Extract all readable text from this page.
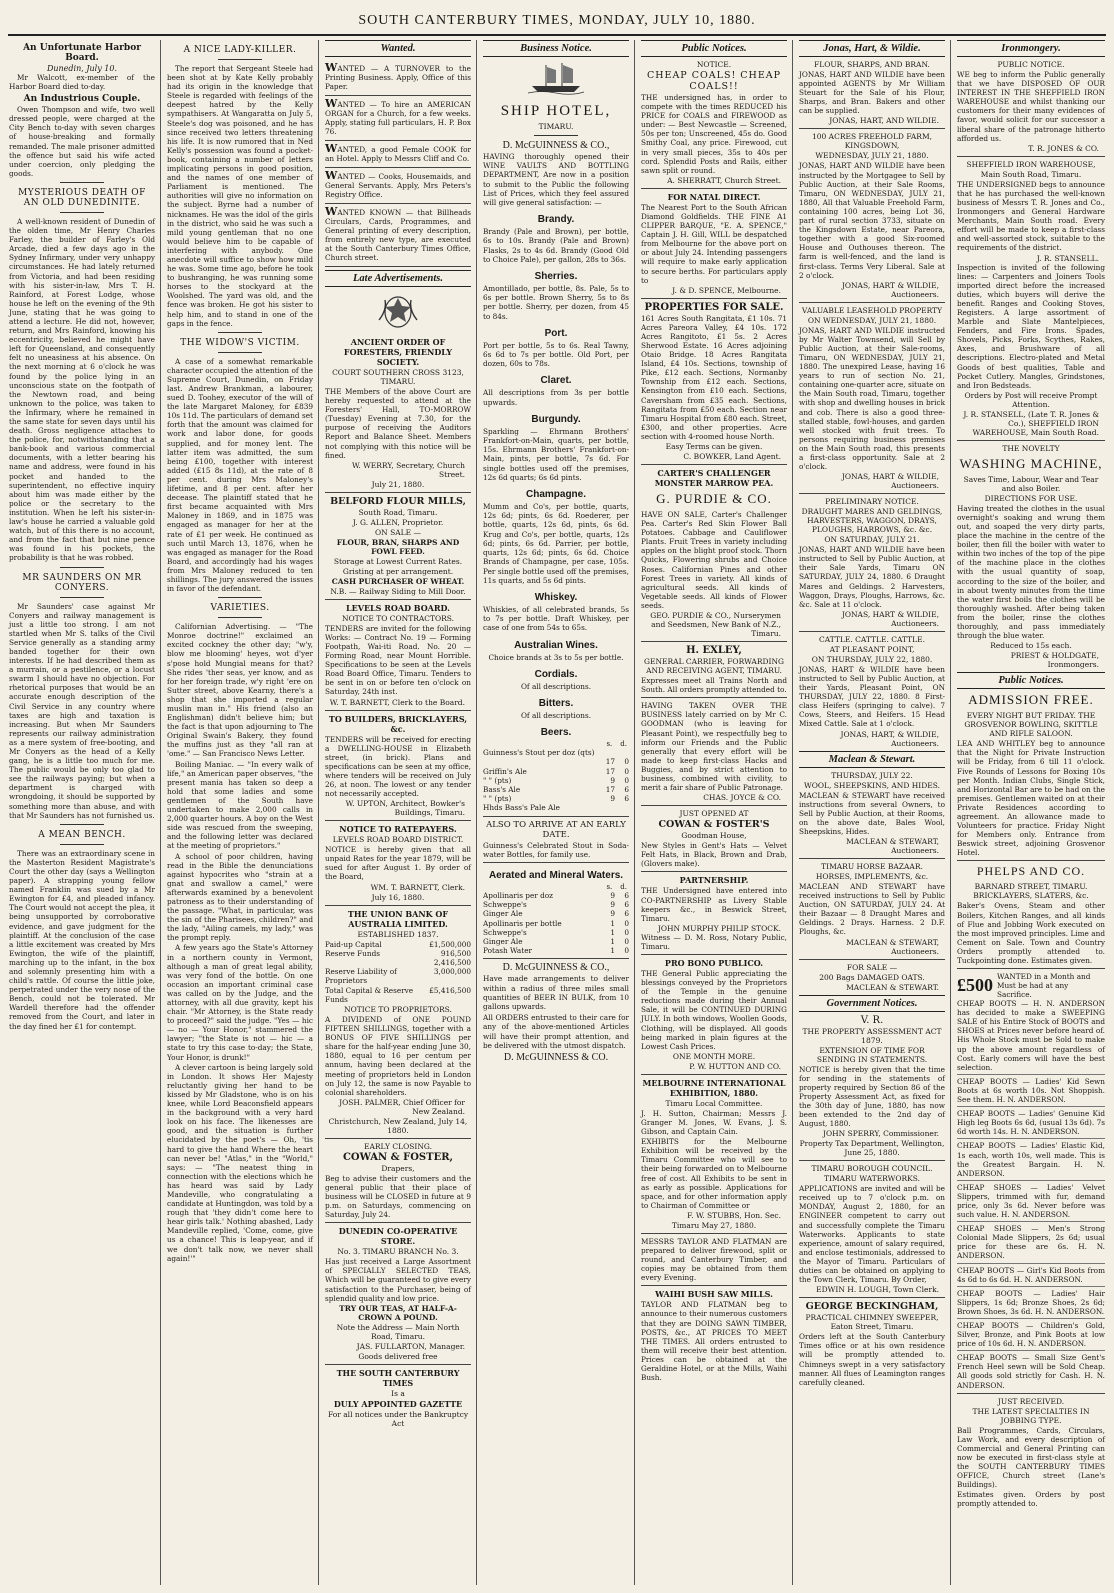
SOUTH CANTERBURY TIMES, MONDAY, JULY 10, 1880.
An Unfortunate Harbor Board.
Dunedin, July 10.

Mr Walcott, ex-member of the Harbor Board died to-day.

An Industrious Couple.

Owen Thompson and wife, two well dressed people, were charged at the City Bench to-day with seven charges of house-breaking and formally remanded. The male prisoner admitted the offence but said his wife acted under coercion, only pledging the goods.

MYSTERIOUS DEATH OF AN OLD DUNEDINITE.

A well-known resident of Dunedin of the olden time, Mr Henry Charles Farley, the builder of Farley's Old Arcade, died a few days ago in the Sydney Infirmary, under very unhappy circumstances. He had lately returned from Victoria, and had been residing with his sister-in-law, Mrs T. H. Rainford, at Forest Lodge, whose house he left on the evening of the 9th June, stating that he was going to attend a lecture. He did not, however, return, and Mrs Rainford, knowing his eccentricity, believed he might have left for Queensland, and consequently felt no uneasiness at his absence. On the next morning at 6 o'clock he was found by the police lying in an unconscious state on the footpath of the Newtown road, and being unknown to the police, was taken to the Infirmary, where he remained in the same state for seven days until his death. Gross negligence attaches to the police, for, notwithstanding that a bank-book and various commercial documents, with a letter bearing his name and address, were found in his pocket and handed to the superintendent, no effective inquiry about him was made either by the police or the secretary to the institution. When he left his sister-in-law's house he carried a valuable gold watch, but of this there is no account, and from the fact that but nine pence was found in his pockets, the probability is that he was robbed.

MR SAUNDERS ON MR CONYERS.

Mr Saunders' case against Mr Conyers and railway management is just a little too strong. I am not startled when Mr S. talks of the Civil Service generally as a standing army banded together for their own interests. If he had described them as a murrain, or a pestilence, or a locust swarm I should have no objection. For rhetorical purposes that would be an accurate enough description of the Civil Service in any country where taxes are high and taxation is increasing. But when Mr Saunders represents our railway administration as a mere system of free-booting, and Mr Conyers as the head of a Kelly gang, he is a little too much for me. The public would be only too glad to see the railways paying; but when a department is charged with wrongdoing, it should be supported by something more than abuse, and with that Mr Saunders has not furnished us.

A MEAN BENCH.

There was an extraordinary scene in the Masterton Resident Magistrate's Court the other day (says a Wellington paper). A strapping young fellow named Franklin was sued by a Mr Ewington for £4, and pleaded infancy. The Court would not accept the plea, it being unsupported by corroborative evidence, and gave judgment for the plaintiff. At the conclusion of the case a little excitement was created by Mrs Ewington, the wife of the plaintiff, marching up to the infant, in the box and solemnly presenting him with a child's rattle. Of course the little joke, perpetrated under the very nose of the Bench, could not be tolerated. Mr Wardell therefore had the offender removed from the Court, and later in the day fined her £1 for contempt.

A NICE LADY-KILLER.

The report that Sergeant Steele had been shot at by Kate Kelly probably had its origin in the knowledge that Steele is regarded with feelings of the deepest hatred by the Kelly sympathisers. At Wangaratta on July 5, Steele's dog was poisoned, and he has since received two letters threatening his life. It is now rumored that in Ned Kelly's possession was found a pocket-book, containing a number of letters implicating persons in good position, and the names of one member of Parliament is mentioned. The authorities will give no information on the subject. Byrne had a number of nicknames. He was the idol of the girls in the district, who said he was such a mild young gentleman that no one would believe him to be capable of interfering with anybody. One anecdote will suffice to show how mild he was. Some time ago, before he took to bushranging, he was running some horses to the stockyard at the Woolshed. The yard was old, and the fence was broken. He got his sister to help him, and to stand in one of the gaps in the fence.

THE WIDOW'S VICTIM.

A case of a somewhat remarkable character occupied the attention of the Supreme Court, Dunedin, on Friday last. Andrew Brankman, a labourer, sued D. Toohey, executor of the will of the late Margaret Maloney, for £839 10s 11d. The particulars of demand set forth that the amount was claimed for work and labor done, for goods supplied, and for money lent. The latter item was admitted, the sum being £100, together with interest added (£15 8s 11d), at the rate of 8 per cent. during Mrs Maloney's lifetime, and 8 per cent. after her decease. The plaintiff stated that he first became acquainted with Mrs Maloney in 1869, and in 1875 was engaged as manager for her at the rate of £1 per week. He continued as such until March 13, 1876, when he was engaged as manager for the Road Board, and accordingly had his wages from Mrs Maloney reduced to ten shillings. The jury answered the issues in favor of the defendant.

VARIETIES.

Californian Advertising. — "The Monroe doctrine!" exclaimed an excited cockney the other day; "w'y, blow me blooming' heyes, wot d'yer s'pose hold Mungial means for that? She rides 'ther seas, yer know, and as for her foreign trade, w'y right 'ere on Sutter street, above Kearny, there's a shop that she imported a regular muslin man in." His friend (also an Englishman) didn't believe him; but the fact is that upon adjourning to The Original Swain's Bakery, they found the muffins just as they "all ran at 'ome." — San Francisco News Letter.

Boiling Maniac. — "In every walk of life," an American paper observes, "the present mania has taken so deep a hold that some ladies and some gentlemen of the South have undertaken to make 2,000 calls in 2,000 quarter hours. A boy on the West side was rescued from the sweeping, and the following letter was declared at the meeting of proprietors."

A school of poor children, having read in the Bible the denunciations against hypocrites who "strain at a gnat and swallow a camel," were afterwards examined by a benevolent patroness as to their understanding of the passage. "What, in particular, was the sin of the Pharisees, children?" and the lady, "Ailing camels, my lady," was the prompt reply.

A few years ago the State's Attorney in a northern county in Vermont, although a man of great legal ability, was very fond of the bottle. On one occasion an important criminal case was called on by the Judge, and the attorney, with all due gravity, kept his chair. "Mr Attorney, is the State ready to proceed?" said the judge. "Yes — hic — no — Your Honor," stammered the lawyer; "the State is not — hic — a state to try this case to-day; the State, Your Honor, is drunk!"

A clever cartoon is being largely sold in London. It shows Her Majesty reluctantly giving her hand to be kissed by Mr Gladstone, who is on his knee, while Lord Beaconsfield appears in the background with a very hard look on his face. The likenesses are good, and the situation is further elucidated by the poet's — Oh, 'tis hard to give the hand Where the heart can never be! "Atlas," in the "World," says: — "The neatest thing in connection with the elections which he has heard was said by Lady Mandeville, who congratulating a candidate at Huntingdon, was told by a rough that 'they didn't come here to hear girls talk.' Nothing abashed, Lady Mandeville replied, 'Come, come, give us a chance! This is leap-year, and if we don't talk now, we never shall again!'"

Wanted.

WANTED — A TURNOVER to the Printing Business. Apply, Office of this Paper.

WANTED — To hire an AMERICAN ORGAN for a Church, for a few weeks. Apply, stating full particulars, H. P. Box 76.

WANTED, a good Female COOK for an Hotel. Apply to Messrs Cliff and Co.

WANTED — Cooks, Housemaids, and General Servants. Apply, Mrs Peters's Registry Office.

WANTED KNOWN — that Billheads Circulars, Cards, Programmes, and General printing of every description, from entirely new type, are executed at the South Canterbury Times Office, Church street.

Late Advertisements.
ANCIENT ORDER OF FORESTERS, FRIENDLY SOCIETY.
COURT SOUTHERN CROSS 3123, TIMARU.

THE Members of the above Court are hereby requested to attend at the Foresters' Hall, TO-MORROW (Tuesday) Evening at 7.30, for the purpose of receiving the Auditors Report and Balance Sheet. Members not complying with this notice will be fined.

W. WERRY, Secretary, Church Street.
July 21, 1880.
BELFORD FLOUR MILLS,
South Road, Timaru.
J. G. ALLEN, Proprietor.
ON SALE —
FLOUR, BRAN, SHARPS AND FOWL FEED.
Storage at Lowest Current Rates.
Gristing at per arrangement.
CASH PURCHASER OF WHEAT.
N.B. — Railway Siding to Mill Door.
LEVELS ROAD BOARD.
NOTICE TO CONTRACTORS.

TENDERS are invited for the following Works: — Contract No. 19 — Forming Footpath, Wai-iti Road. No. 20 — Forming Road, near Mount Horrible. Specifications to be seen at the Levels Road Board Office, Timaru. Tenders to be sent in on or before ten o'clock on Saturday, 24th inst.

W. T. BARNETT, Clerk to the Board.
TO BUILDERS, BRICKLAYERS, &c.

TENDERS will be received for erecting a DWELLING-HOUSE in Elizabeth street, (in brick). Plans and specifications can be seen at my office, where tenders will be received on July 26, at noon. The lowest or any tender not necessarily accepted.

W. UPTON, Architect, Bowker's Buildings, Timaru.
NOTICE TO RATEPAYERS.
LEVELS ROAD BOARD DISTRICT.

NOTICE is hereby given that all unpaid Rates for the year 1879, will be sued for after August 1. By order of the Board,

WM. T. BARNETT, Clerk.
July 16, 1880.
THE UNION BANK OF AUSTRALIA LIMITED.
ESTABLISHED 1837.
Paid-up Capital	£1,500,000
Reserve Funds	916,500
2,416,500
Reserve Liability of Proprietors
3,000,000
Total Capital & Reserve Funds
£5,416,500
NOTICE TO PROPRIETORS.

A DIVIDEND of ONE POUND FIFTEEN SHILLINGS, together with a BONUS OF FIVE SHILLINGS per share for the half-year ending June 30, 1880, equal to 16 per centum per annum, having been declared at the meeting of proprietors held in London on July 12, the same is now Payable to colonial shareholders.

JOSH. PALMER, Chief Officer for New Zealand.
Christchurch, New Zealand, July 14, 1880.
EARLY CLOSING.
COWAN & FOSTER,
Drapers,

Beg to advise their customers and the general public that their place of business will be CLOSED in future at 9 p.m. on Saturdays, commencing on Saturday, July 24.

DUNEDIN CO-OPERATIVE STORE.
No. 3. TIMARU BRANCH No. 3.

Has just received a Large Assortment of SPECIALLY SELECTED TEAS, Which will be guaranteed to give every satisfaction to the Purchaser, being of splendid quality and low price.

TRY OUR TEAS, AT HALF-A-CROWN A POUND.
Note the Address — Main North Road, Timaru.
JAS. FULLARTON, Manager.
Goods delivered free
THE SOUTH CANTERBURY TIMES
Is a
DULY APPOINTED GAZETTE
For all notices under the Bankruptcy Act
Business Notice.
SHIP HOTEL,
TIMARU.
D. McGUINNESS & CO.,

HAVING thoroughly opened their WINE VAULTS AND BOTTLING DEPARTMENT, Are now in a position to submit to the Public the following List of Prices, which they feel assured will give general satisfaction: —

Brandy.

Brandy (Pale and Brown), per bottle, 6s to 10s. Brandy (Pale and Brown) Flasks, 2s to 4s 6d. Brandy (Good Old to Choice Pale), per gallon, 28s to 36s.

Sherries.

Amontillado, per bottle, 8s. Pale, 5s to 6s per bottle. Brown Sherry, 5s to 8s per bottle. Sherry, per dozen, from 45 to 84s.

Port.

Port per bottle, 5s to 6s. Real Tawny, 6s 6d to 7s per bottle. Old Port, per dozen, 60s to 78s.

Claret.

All descriptions from 3s per bottle upwards.

Burgundy.

Sparkling — Ehrmann Brothers' Frankfort-on-Main, quarts, per bottle, 15s. Ehrmann Brothers' Frankfort-on-Main, pints, per bottle, 7s 6d. For single bottles used off the premises, 12s 6d quarts; 6s 6d pints.

Champagne.

Mumm and Co's, per bottle, quarts, 12s 6d; pints, 6s 6d. Roederer, per bottle, quarts, 12s 6d, pints, 6s 6d. Krug and Co's, per bottle, quarts, 12s 6d; pints, 6s 6d. Parrier, per bottle, quarts, 12s 6d; pints, 6s 6d. Choice Brands of Champagne, per case, 105s. Per single bottle used off the premises, 11s quarts, and 5s 6d pints.

Whiskey.

Whiskies, of all celebrated brands, 5s to 7s per bottle. Draft Whiskey, per case of one from 54s to 65s.

Australian Wines.

Choice brands at 3s to 5s per bottle.

Cordials.

Of all descriptions.

Bitters.

Of all descriptions.

Beers.
s. d.
Guinness's Stout per doz (qts)
17	0
Griffin's Ale	17	0
" " (pts)	9	0
Bass's Ale	17	6
" " (pts)	9	6
Hhds Bass's Pale Ale
ALSO TO ARRIVE AT AN EARLY DATE.

Guinness's Celebrated Stout in Soda-water Bottles, for family use.

Aerated and Mineral Waters.
s. d.
Apollinaris per doz	9	6
Schweppe's	9	6
Ginger Ale	9	6
Apollinaris per bottle	1	0
Schweppe's	1	0
Ginger Ale	1	0
Potash Water	1	0
D. McGUINNESS & CO.,

Have made arrangements to deliver within a radius of three miles small quantities of BEER IN BULK, from 10 gallons upwards.

All ORDERS entrusted to their care for any of the above-mentioned Articles will have their prompt attention, and be delivered with the utmost dispatch.

D. McGUINNESS & CO.
Public Notices.
NOTICE.
CHEAP COALS! CHEAP COALS!!

THE undersigned has, in order to compete with the times REDUCED his PRICE for COALS and FIREWOOD as under: — Best Newcastle — Screened, 50s per ton; Unscreened, 45s do. Good Smithy Coal, any price. Firewood, cut in very small pieces, 35s to 40s per cord. Splendid Posts and Rails, either sawn split or round.

A. SHERRATT, Church Street.
FOR NATAL DIRECT.

The Nearest Port to the South African Diamond Goldfields. THE FINE A1 CLIPPER BARQUE, "E. A. SPENCE," Captain J. H. Gill, WILL be despatched from Melbourne for the above port on or about July 24. Intending passengers will require to make early application to secure berths. For particulars apply to

J. & D. SPENCE, Melbourne.
PROPERTIES FOR SALE.

161 Acres South Rangitata, £1 10s. 71 Acres Pareora Valley, £4 10s. 172 Acres Rangitoto, £1 5s. 2 Acres Sherwood Estate. 16 Acres adjoining Otaio Bridge. 18 Acres Rangitata Island, £4 10s. Sections, township of Pike, £12 each. Sections, Normanby Township from £12 each. Sections, Kensington from £10 each. Sections, Caversham from £35 each. Sections, Rangitata from £50 each. Section near Timaru Hospital from £80 each. Street, £300, and other properties. Acre section with 4-roomed house North.

Easy Terms can be given.
C. BOWKER, Land Agent.
CARTER'S CHALLENGER MONSTER MARROW PEA.
G. PURDIE & CO.

HAVE ON SALE, Carter's Challenger Pea. Carter's Red Skin Flower Ball Potatoes. Cabbage and Cauliflower Plants. Fruit Trees in variety including apples on the blight proof stock. Thorn Quicks, Flowering shrubs and Choice Roses. Californian Pines and other Forest Trees in variety. All kinds of agricultural seeds. All kinds of Vegetable seeds. All kinds of Flower seeds.

GEO. PURDIE & CO., Nurserymen and Seedsmen, New Bank of N.Z., Timaru.
H. EXLEY,
GENERAL CARRIER, FORWARDING AND RECEIVING AGENT, TIMARU.

Expresses meet all Trains North and South. All orders promptly attended to.

HAVING TAKEN OVER THE BUSINESS lately carried on by Mr C. GOODMAN (who is leaving for Pleasant Point), we respectfully beg to inform our Friends and the Public generally that every effort will be made to keep first-class Hacks and Buggies, and by strict attention to business, combined with civility, to merit a fair share of Public Patronage.

CHAS. JOYCE & CO.
JUST OPENED AT
COWAN & FOSTER'S
Goodman House,

New Styles in Gent's Hats — Velvet Felt Hats, in Black, Brown and Drab, (Glovers make).

PARTNERSHIP.

THE Undersigned have entered into CO-PARTNERSHIP as Livery Stable keepers &c., in Beswick Street, Timaru.

JOHN MURPHY PHILIP STOCK.

Witness — D. M. Ross, Notary Public, Timaru.

PRO BONO PUBLICO.

THE General Public appreciating the blessings conveyed by the Proprietors of the Temple in the genuine reductions made during their Annual Sale, it will be CONTINUED DURING JULY. In both windows, Woollen Goods, Clothing, will be displayed. All goods being marked in plain figures at the Lowest Cash Prices.

ONE MONTH MORE.
P. W. HUTTON AND CO.
MELBOURNE INTERNATIONAL EXHIBITION, 1880.
Timaru Local Committee.

J. H. Sutton, Chairman; Messrs J. Granger M. Jones, W. Evans, J. S. Gibson, and Captain Cain.

EXHIBITS for the Melbourne Exhibition will be received by the Timaru Committee who will see to their being forwarded on to Melbourne free of cost. All Exhibits to be sent in as early as possible. Applications for space, and for other information apply to Chairman of Committee or

F. W. STUBBS, Hon. Sec.
Timaru May 27, 1880.

MESSRS TAYLOR AND FLATMAN are prepared to deliver firewood, split or round, and Canterbury Timber, and copies may be obtained from them every Evening.

WAIHI BUSH SAW MILLS.

TAYLOR AND FLATMAN beg to announce to their numerous customers that they are DOING SAWN TIMBER, POSTS, &c., AT PRICES TO MEET THE TIMES. All orders entrusted to them will receive their best attention. Prices can be obtained at the Geraldine Hotel, or at the Mills, Waihi Bush.

Jonas, Hart, & Wildie.
FLOUR, SHARPS, AND BRAN.

JONAS, HART AND WILDIE have been appointed AGENTS by Mr William Steuart for the Sale of his Flour, Sharps, and Bran. Bakers and other can be supplied.

JONAS, HART, AND WILDIE.
100 ACRES FREEHOLD FARM, KINGSDOWN,
WEDNESDAY, JULY 21, 1880.

JONAS, HART AND WILDIE have been instructed by the Mortgagee to Sell by Public Auction, at their Sale Rooms, Timaru, ON WEDNESDAY, JULY 21, 1880, All that Valuable Freehold Farm, containing 100 acres, being Lot 36, part of rural section 3733, situate on the Kingsdown Estate, near Pareora, together with a good Six-roomed House and Outhouses thereon. The farm is well-fenced, and the land is first-class. Terms Very Liberal. Sale at 2 o'clock.

JONAS, HART & WILDIE, Auctioneers.
VALUABLE LEASEHOLD PROPERTY
ON WEDNESDAY, JULY 21, 1880.

JONAS, HART AND WILDIE instructed by Mr Walter Townsend, will Sell by Public Auction, at their Sale-rooms, Timaru, ON WEDNESDAY, JULY 21, 1880. The unexpired Lease, having 16 years to run of section No. 21, containing one-quarter acre, situate on the Main South road, Timaru, together with shop and dwelling houses in brick and cob. There is also a good three-stalled stable, fowl-houses, and garden well stocked with fruit trees. To persons requiring business premises on the Main South road, this presents a first-class opportunity. Sale at 2 o'clock.

JONAS, HART & WILDIE, Auctioneers.
PRELIMINARY NOTICE.
DRAUGHT MARES AND GELDINGS, HARVESTERS, WAGGON, DRAYS, PLOUGHS, HARROWS, &c. &c.
ON SATURDAY, JULY 21.

JONAS, HART AND WILDIE have been instructed to Sell by Public Auction, at their Sale Yards, Timaru ON SATURDAY, JULY 24, 1880. 6 Draught Mares and Geldings. 2 Harvesters, Waggon, Drays, Ploughs, Harrows, &c. &c. Sale at 11 o'clock.

JONAS, HART & WILDIE, Auctioneers.
CATTLE. CATTLE. CATTLE.
AT PLEASANT POINT,
ON THURSDAY, JULY 22, 1880.

JONAS, HART & WILDIE have been instructed to Sell by Public Auction, at their Yards, Pleasant Point, ON THURSDAY, JULY 22, 1880. 8 First-class Heifers (springing to calve). 7 Cows, Steers, and Heifers. 15 Head Mixed Cattle. Sale at 1 o'clock.

JONAS, HART, & WILDIE, Auctioneers.
Maclean & Stewart.
THURSDAY, JULY 22.
WOOL, SHEEPSKINS, AND HIDES.

MACLEAN & STEWART have received instructions from several Owners, to Sell by Public Auction, at their Rooms, on the above date, Bales Wool, Sheepskins, Hides.

MACLEAN & STEWART, Auctioneers.
TIMARU HORSE BAZAAR.
HORSES, IMPLEMENTS, &c.

MACLEAN AND STEWART have received instructions to Sell by Public Auction, ON SATURDAY, JULY 24. At their Bazaar — 8 Draught Mares and Geldings. 2 Drays. Harness. 2 D.F. Ploughs, &c.

MACLEAN & STEWART, Auctioneers.
FOR SALE —
200 Bags DAMAGED OATS.
MACLEAN & STEWART.
Government Notices.
V. R.
THE PROPERTY ASSESSMENT ACT 1879.
EXTENSION OF TIME FOR SENDING IN STATEMENTS.

NOTICE is hereby given that the time for sending in the statements of property required by Section 86 of the Property Assessment Act, as fixed for the 30th day of June, 1880, has now been extended to the 2nd day of August, 1880.

JOHN SPERRY, Commissioner.
Property Tax Department, Wellington, June 25, 1880.
TIMARU BOROUGH COUNCIL.
TIMARU WATERWORKS.

APPLICATIONS are invited and will be received up to 7 o'clock p.m. on MONDAY, August 2, 1880, for an ENGINEER competent to carry out and successfully complete the Timaru Waterworks. Applicants to state experience, amount of salary required, and enclose testimonials, addressed to the Mayor of Timaru. Particulars of duties can be obtained on applying to the Town Clerk, Timaru. By Order,

EDWIN H. LOUGH, Town Clerk.
GEORGE BECKINGHAM,
PRACTICAL CHIMNEY SWEEPER, Eaton Street, Timaru.

Orders left at the South Canterbury Times office or at his own residence will be promptly attended to. Chimneys swept in a very satisfactory manner. All flues of Leamington ranges carefully cleaned.

Ironmongery.
PUBLIC NOTICE.

WE beg to inform the Public generally that we have DISPOSED OF OUR INTEREST IN THE SHEFFIELD IRON WAREHOUSE and whilst thanking our customers for their many evidences of favor, would solicit for our successor a liberal share of the patronage hitherto afforded us.

T. R. JONES & CO.
SHEFFIELD IRON WAREHOUSE,
Main South Road, Timaru.

THE UNDERSIGNED begs to announce that he has purchased the well-known business of Messrs T. R. Jones and Co., Ironmongers and General Hardware Merchants, Main South road. Every effort will be made to keep a first-class and well-assorted stock, suitable to the requirements of the district.

J. R. STANSELL.

Inspection is invited of the following lines: — Carpenters and Joiners Tools imported direct before the increased duties, which buyers will derive the benefit. Ranges and Cooking Stoves, Registers. A large assortment of Marble and Slate Mantelpieces, Fenders, and Fire Irons. Spades, Shovels, Picks, Forks, Scythes, Rakes, Axes, and Brushware of all descriptions. Electro-plated and Metal Goods of best qualities, Table and Pocket Cutlery. Mangles, Grindstones, and Iron Bedsteads.

Orders by Post will receive Prompt Attention.
J. R. STANSELL, (Late T. R. Jones & Co.), SHEFFIELD IRON WAREHOUSE, Main South Road.
THE NOVELTY
WASHING MACHINE,
Saves Time, Labour, Wear and Tear and also Boiler.
DIRECTIONS FOR USE.

Having treated the clothes in the usual overnight's soaking and wrung them out, and soaped the very dirty parts, place the machine in the centre of the boiler, then fill the boiler with water to within two inches of the top of the pipe of the machine place in the clothes with the usual quantity of soap, according to the size of the boiler, and in about twenty minutes from the time the water first boils the clothes will be thoroughly washed. After being taken from the boiler, rinse the clothes thoroughly, and pass immediately through the blue water.

Reduced to 15s each.
PRIEST & HOLDGATE, Ironmongers.
Public Notices.
ADMISSION FREE.
EVERY NIGHT BUT FRIDAY. THE GROSVENOR BOWLING, SKITTLE AND RIFLE SALOON.

LEA AND WHITLEY beg to announce that the Night for Private Instruction will be Friday, from 6 till 11 o'clock. Five Rounds of Lessons for Boxing 10s per Month. Indian Clubs, Single Stick, and Horizontal Bar are to be had on the premises. Gentlemen waited on at their Private Residences according to agreement. An allowance made to Volunteers for practice. Friday Night for Members only. Entrance from Beswick street, adjoining Grosvenor Hotel.

PHELPS AND CO.
BARNARD STREET, TIMARU. BRICKLAYERS, SLATERS, &c.

Baker's Ovens, Steam and other Boilers, Kitchen Ranges, and all kinds of Flue and Jobbing Work executed on the most improved principles. Lime and Cement on Sale. Town and Country Orders promptly attended to. Tuckpointing done. Estimates given.

£500 WANTED in a Month and Must be had at any Sacrifice.

CHEAP BOOTS — H. N. ANDERSON has decided to make a SWEEPING SALE of his Entire Stock of BOOTS and SHOES at Prices never before heard of. His Whole Stock must be Sold to make up the above amount regardless of Cost. Early comers will have the best selection.

CHEAP BOOTS — Ladies' Kid Sewn Boots at 6s worth 10s. Not Shoppish. See them. H. N. ANDERSON.

CHEAP BOOTS — Ladies' Genuine Kid High leg Boots 6s 6d, (usual 13s 6d). 7s 6d worth 14s. H. N. ANDERSON.

CHEAP BOOTS — Ladies' Elastic Kid, 1s each, worth 10s, well made. This is the Greatest Bargain. H. N. ANDERSON.

CHEAP SHOES — Ladies' Velvet Slippers, trimmed with fur, demand price, only 3s 6d. Never before was such value. H. N. ANDERSON.

CHEAP SHOES — Men's Strong Colonial Made Slippers, 2s 6d; usual price for these are 6s. H. N. ANDERSON.

CHEAP BOOTS — Girl's Kid Boots from 4s 6d to 6s 6d. H. N. ANDERSON.

CHEAP BOOTS — Ladies' Hair Slippers, 1s 6d; Bronze Shoes, 2s 6d; Brown Shoes, 3s 6d. H. N. ANDERSON.

CHEAP BOOTS — Children's Gold, Silver, Bronze, and Pink Boots at low price of 10s 6d. H. N. ANDERSON.

CHEAP BOOTS — Small Size Gent's French Heel sewn will be Sold Cheap. All goods sold strictly for Cash. H. N. ANDERSON.

JUST RECEIVED.
THE LATEST SPECIALTIES IN JOBBING TYPE.

Ball Programmes, Cards, Circulars, Law Work, and every description of Commercial and General Printing can now be executed in first-class style at the SOUTH CANTERBURY TIMES OFFICE, Church street (Lane's Buildings).

Estimates given. Orders by post promptly attended to.
